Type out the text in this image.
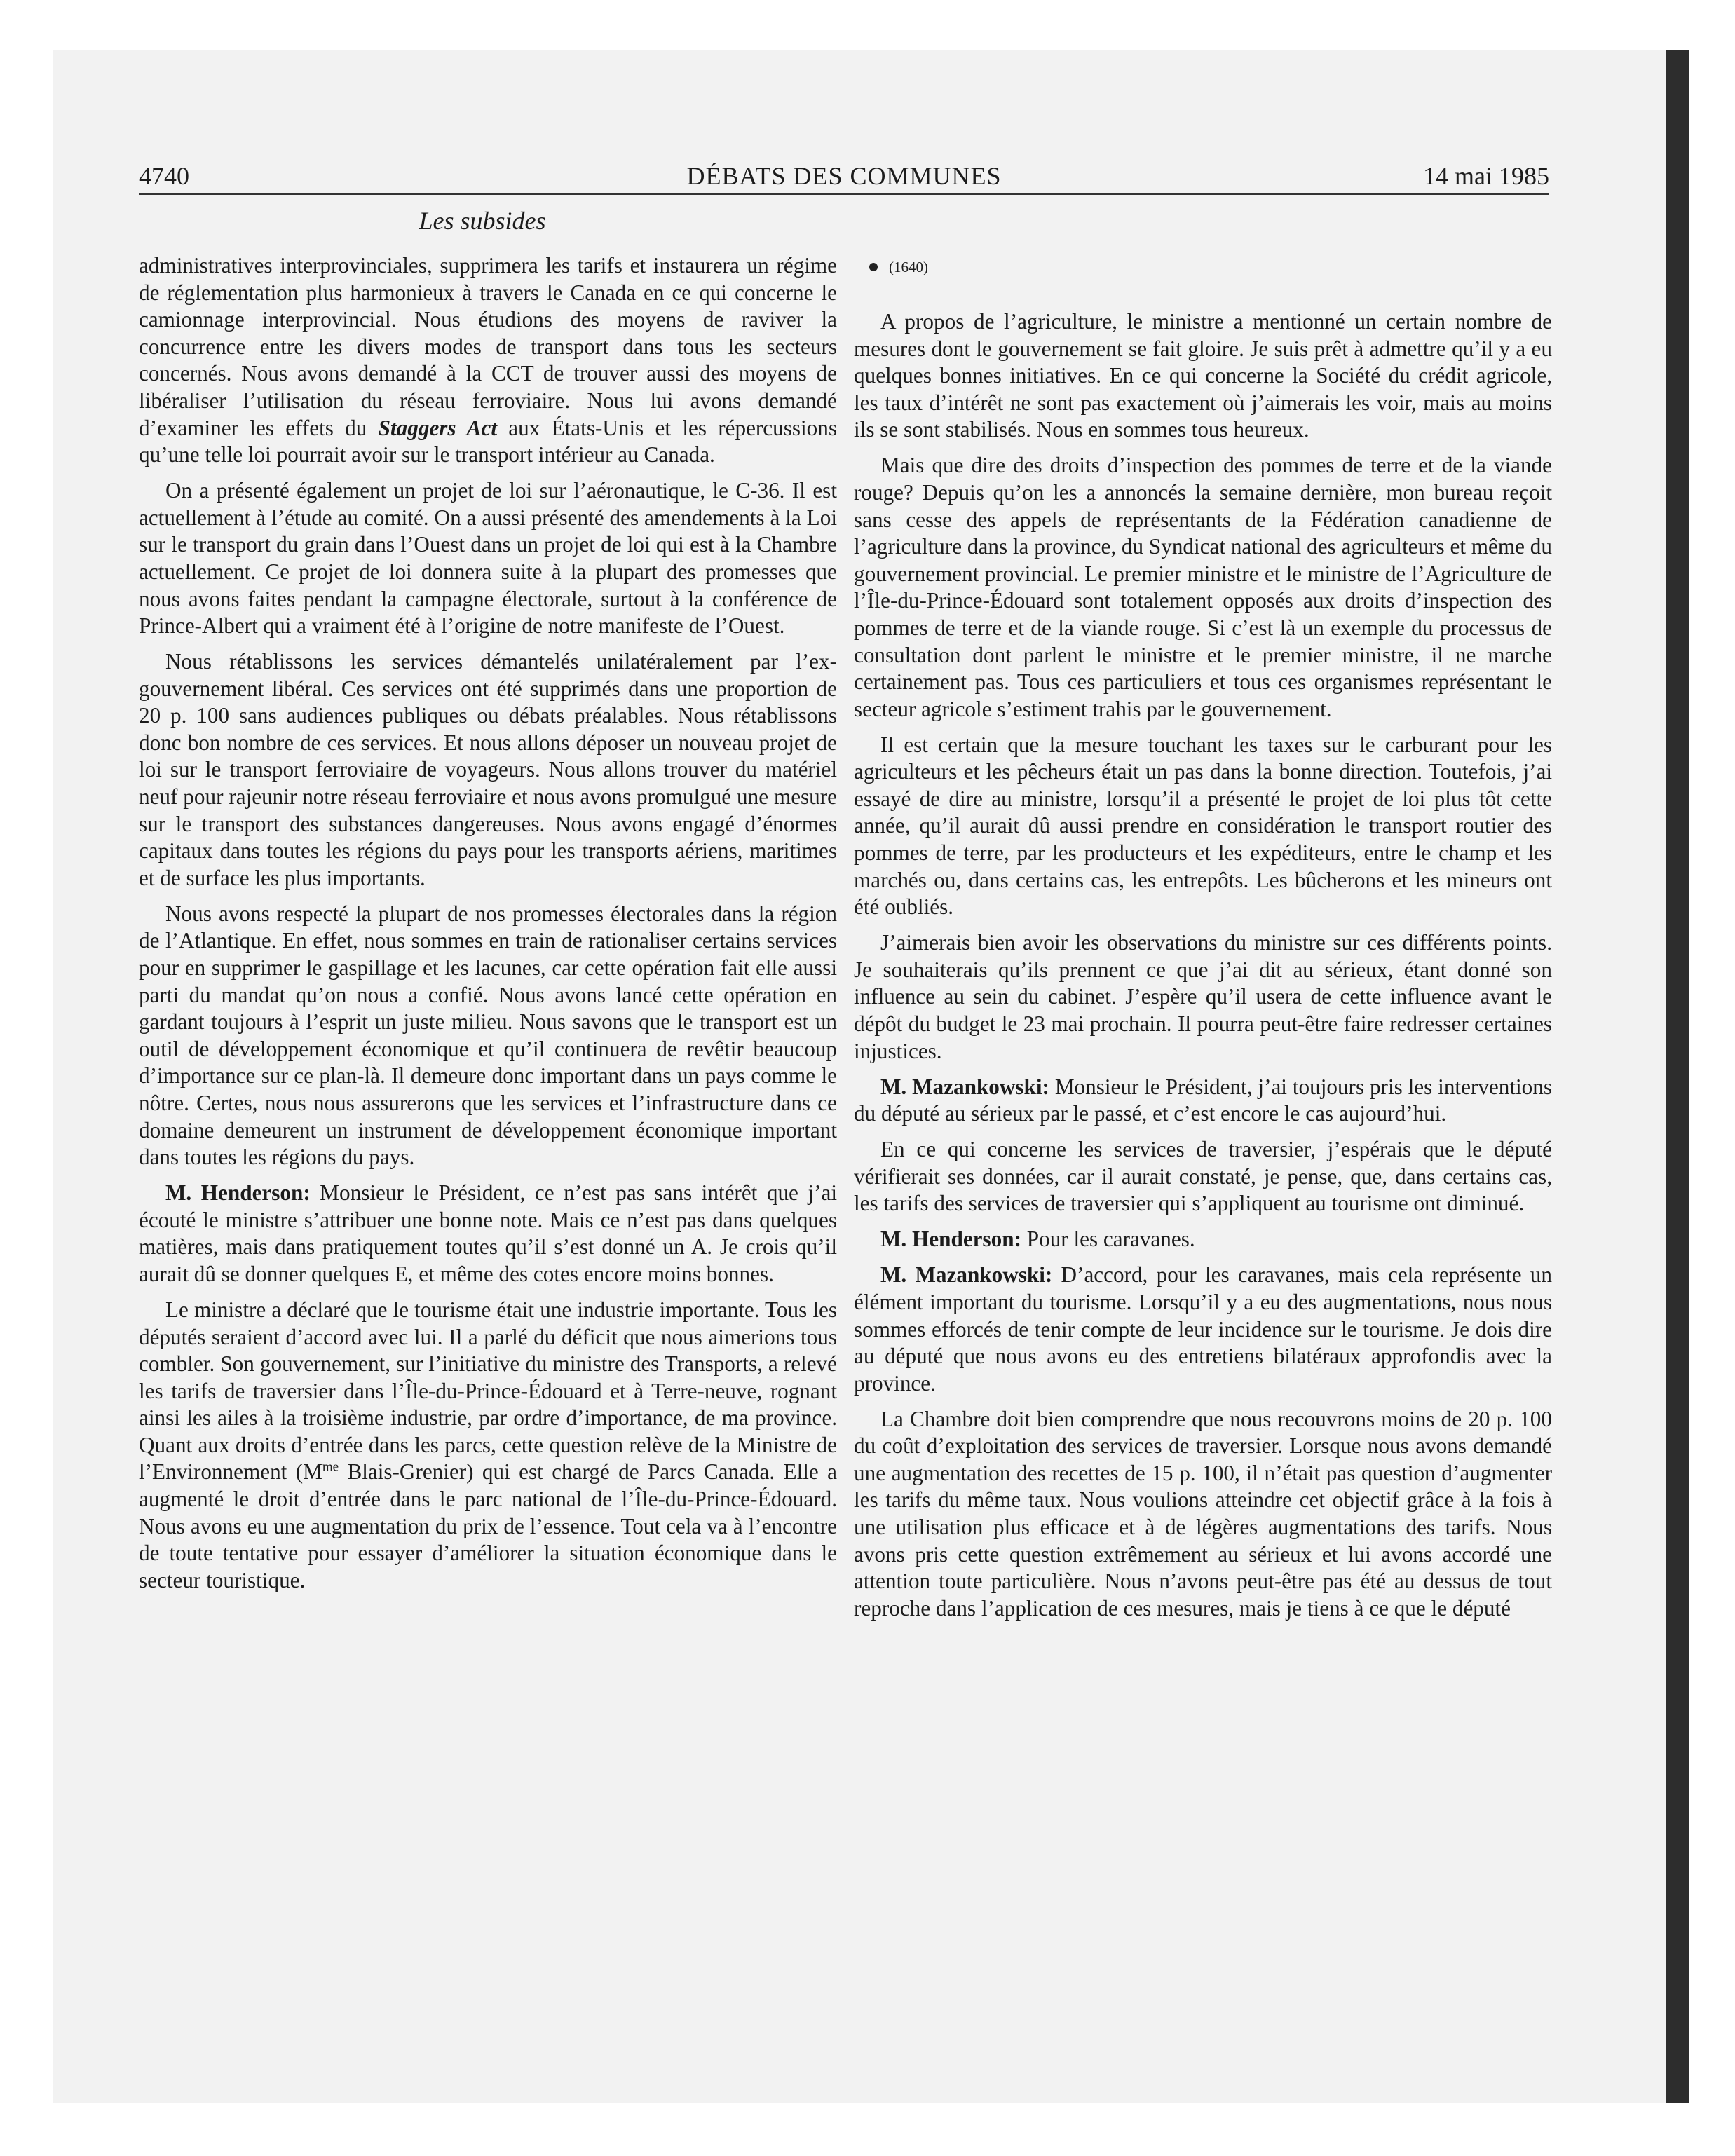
4740	DÉBATS DES COMMUNES	14 mai 1985
Les subsides

administratives interprovinciales, supprimera les tarifs et instaurera un régime de réglementation plus harmonieux à travers le Canada en ce qui concerne le camionnage interprovincial. Nous étudions des moyens de raviver la concurrence entre les divers modes de transport dans tous les secteurs concernés. Nous avons demandé à la CCT de trouver aussi des moyens de libéraliser l’utilisation du réseau ferroviaire. Nous lui avons demandé d’examiner les effets du Staggers Act aux États-Unis et les répercussions qu’une telle loi pourrait avoir sur le transport intérieur au Canada.

On a présenté également un projet de loi sur l’aéronautique, le C-36. Il est actuellement à l’étude au comité. On a aussi présenté des amendements à la Loi sur le transport du grain dans l’Ouest dans un projet de loi qui est à la Chambre actuellement. Ce projet de loi donnera suite à la plupart des promesses que nous avons faites pendant la campagne électorale, surtout à la conférence de Prince-Albert qui a vraiment été à l’origine de notre manifeste de l’Ouest.

Nous rétablissons les services démantelés unilatéralement par l’ex-gouvernement libéral. Ces services ont été supprimés dans une proportion de 20 p. 100 sans audiences publiques ou débats préalables. Nous rétablissons donc bon nombre de ces services. Et nous allons déposer un nouveau projet de loi sur le transport ferroviaire de voyageurs. Nous allons trouver du matériel neuf pour rajeunir notre réseau ferroviaire et nous avons promulgué une mesure sur le transport des substances dangereuses. Nous avons engagé d’énormes capitaux dans toutes les régions du pays pour les transports aériens, maritimes et de surface les plus importants.

Nous avons respecté la plupart de nos promesses électorales dans la région de l’Atlantique. En effet, nous sommes en train de rationaliser certains services pour en supprimer le gaspillage et les lacunes, car cette opération fait elle aussi parti du mandat qu’on nous a confié. Nous avons lancé cette opération en gardant toujours à l’esprit un juste milieu. Nous savons que le transport est un outil de développement économique et qu’il continuera de revêtir beaucoup d’importance sur ce plan-là. Il demeure donc important dans un pays comme le nôtre. Certes, nous nous assurerons que les services et l’infrastructure dans ce domaine demeurent un instrument de développement économique important dans toutes les régions du pays.

M. Henderson: Monsieur le Président, ce n’est pas sans intérêt que j’ai écouté le ministre s’attribuer une bonne note. Mais ce n’est pas dans quelques matières, mais dans pratiquement toutes qu’il s’est donné un A. Je crois qu’il aurait dû se donner quelques E, et même des cotes encore moins bonnes.

Le ministre a déclaré que le tourisme était une industrie importante. Tous les députés seraient d’accord avec lui. Il a parlé du déficit que nous aimerions tous combler. Son gouvernement, sur l’initiative du ministre des Transports, a relevé les tarifs de traversier dans l’Île-du-Prince-Édouard et à Terre-neuve, rognant ainsi les ailes à la troisième industrie, par ordre d’importance, de ma province. Quant aux droits d’entrée dans les parcs, cette question relève de la Ministre de l’Environnement ($M^{me}$ Blais-Grenier) qui est chargé de Parcs Canada. Elle a augmenté le droit d’entrée dans le parc national de l’Île-du-Prince-Édouard. Nous avons eu une augmentation du prix de l’essence. Tout cela va à l’encontre de toute tentative pour essayer d’améliorer la situation économique dans le secteur touristique.

(1640)

A propos de l’agriculture, le ministre a mentionné un certain nombre de mesures dont le gouvernement se fait gloire. Je suis prêt à admettre qu’il y a eu quelques bonnes initiatives. En ce qui concerne la Société du crédit agricole, les taux d’intérêt ne sont pas exactement où j’aimerais les voir, mais au moins ils se sont stabilisés. Nous en sommes tous heureux.

Mais que dire des droits d’inspection des pommes de terre et de la viande rouge? Depuis qu’on les a annoncés la semaine dernière, mon bureau reçoit sans cesse des appels de représentants de la Fédération canadienne de l’agriculture dans la province, du Syndicat national des agriculteurs et même du gouvernement provincial. Le premier ministre et le ministre de l’Agriculture de l’Île-du-Prince-Édouard sont totalement opposés aux droits d’inspection des pommes de terre et de la viande rouge. Si c’est là un exemple du processus de consultation dont parlent le ministre et le premier ministre, il ne marche certainement pas. Tous ces particuliers et tous ces organismes représentant le secteur agricole s’estiment trahis par le gouvernement.

Il est certain que la mesure touchant les taxes sur le carburant pour les agriculteurs et les pêcheurs était un pas dans la bonne direction. Toutefois, j’ai essayé de dire au ministre, lorsqu’il a présenté le projet de loi plus tôt cette année, qu’il aurait dû aussi prendre en considération le transport routier des pommes de terre, par les producteurs et les expéditeurs, entre le champ et les marchés ou, dans certains cas, les entrepôts. Les bûcherons et les mineurs ont été oubliés.

J’aimerais bien avoir les observations du ministre sur ces différents points. Je souhaiterais qu’ils prennent ce que j’ai dit au sérieux, étant donné son influence au sein du cabinet. J’espère qu’il usera de cette influence avant le dépôt du budget le 23 mai prochain. Il pourra peut-être faire redresser certaines injustices.

M. Mazankowski: Monsieur le Président, j’ai toujours pris les interventions du député au sérieux par le passé, et c’est encore le cas aujourd’hui.

En ce qui concerne les services de traversier, j’espérais que le député vérifierait ses données, car il aurait constaté, je pense, que, dans certains cas, les tarifs des services de traversier qui s’appliquent au tourisme ont diminué.

M. Henderson: Pour les caravanes.

M. Mazankowski: D’accord, pour les caravanes, mais cela représente un élément important du tourisme. Lorsqu’il y a eu des augmentations, nous nous sommes efforcés de tenir compte de leur incidence sur le tourisme. Je dois dire au député que nous avons eu des entretiens bilatéraux approfondis avec la province.

La Chambre doit bien comprendre que nous recouvrons moins de 20 p. 100 du coût d’exploitation des services de traversier. Lorsque nous avons demandé une augmentation des recettes de 15 p. 100, il n’était pas question d’augmenter les tarifs du même taux. Nous voulions atteindre cet objectif grâce à la fois à une utilisation plus efficace et à de légères augmentations des tarifs. Nous avons pris cette question extrêmement au sérieux et lui avons accordé une attention toute particulière. Nous n’avons peut-être pas été au dessus de tout reproche dans l’application de ces mesures, mais je tiens à ce que le député
